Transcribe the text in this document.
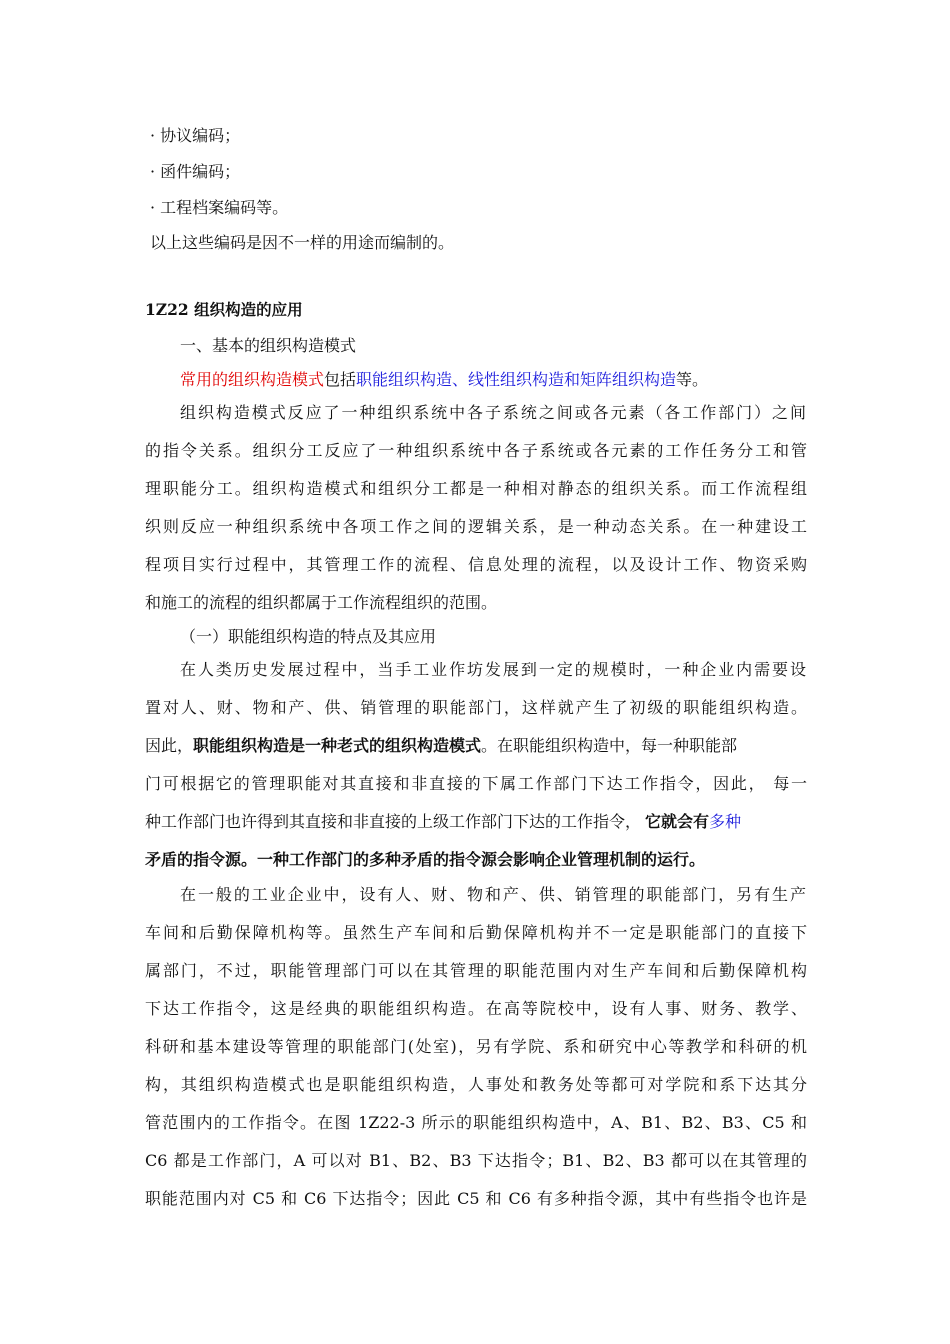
· 协议编码；
· 函件编码；
· 工程档案编码等。
以上这些编码是因不一样的用途而编制的。
1Z22 组织构造的应用
一、基本的组织构造模式
常用的组织构造模式包括职能组织构造、线性组织构造和矩阵组织构造等。
组织构造模式反应了一种组织系统中各子系统之间或各元素（各工作部门）之间
的指令关系。组织分工反应了一种组织系统中各子系统或各元素的工作任务分工和管
理职能分工。组织构造模式和组织分工都是一种相对静态的组织关系。而工作流程组
织则反应一种组织系统中各项工作之间的逻辑关系，是一种动态关系。在一种建设工
程项目实行过程中，其管理工作的流程、信息处理的流程，以及设计工作、物资采购
和施工的流程的组织都属于工作流程组织的范围。
（一）职能组织构造的特点及其应用
在人类历史发展过程中，当手工业作坊发展到一定的规模时，一种企业内需要设
置对人、财、物和产、供、销管理的职能部门，这样就产生了初级的职能组织构造。
因此，职能组织构造是一种老式的组织构造模式。在职能组织构造中，每一种职能部
门可根据它的管理职能对其直接和非直接的下属工作部门下达工作指令，因此， 每一
种工作部门也许得到其直接和非直接的上级工作部门下达的工作指令， 它就会有多种
矛盾的指令源。一种工作部门的多种矛盾的指令源会影响企业管理机制的运行。
在一般的工业企业中，设有人、财、物和产、供、销管理的职能部门，另有生产
车间和后勤保障机构等。虽然生产车间和后勤保障机构并不一定是职能部门的直接下
属部门，不过，职能管理部门可以在其管理的职能范围内对生产车间和后勤保障机构
下达工作指令，这是经典的职能组织构造。在高等院校中，设有人事、财务、教学、
科研和基本建设等管理的职能部门(处室)，另有学院、系和研究中心等教学和科研的机
构，其组织构造模式也是职能组织构造，人事处和教务处等都可对学院和系下达其分
管范围内的工作指令。在图 1Z22-3 所示的职能组织构造中，A、B1、B2、B3、C5 和
C6 都是工作部门，A 可以对 B1、B2、B3 下达指令；B1、B2、B3 都可以在其管理的
职能范围内对 C5 和 C6 下达指令；因此 C5 和 C6 有多种指令源，其中有些指令也许是
